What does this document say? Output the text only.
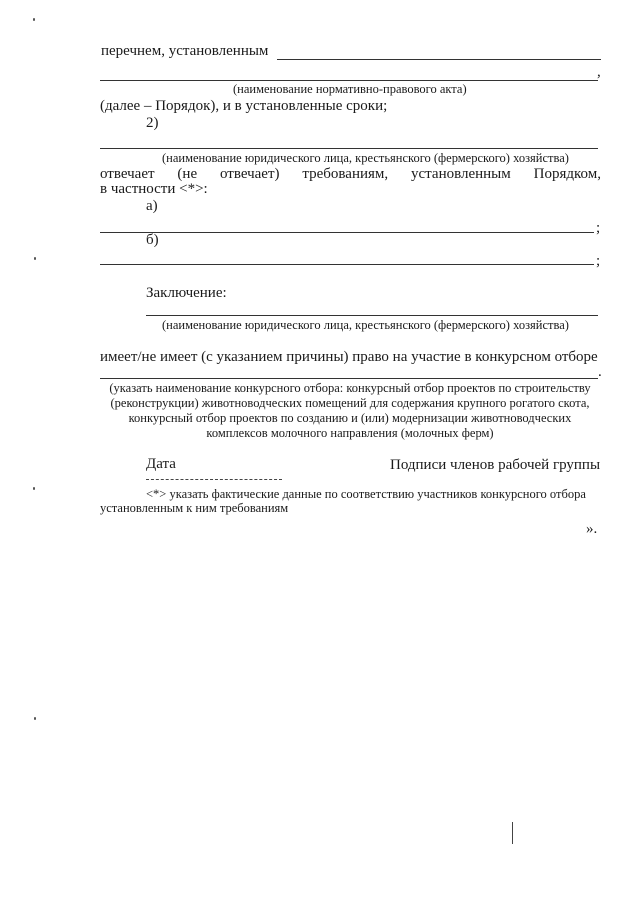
перечнем, установленным
,
(наименование нормативно-правового акта)
(далее – Порядок), и в установленные сроки;
2)
(наименование юридического лица, крестьянского (фермерского) хозяйства)
отвечает (не отвечает) требованиям, установленным Порядком,
в частности <*>:
а)
;
б)
;
Заключение:
(наименование юридического лица, крестьянского (фермерского) хозяйства)
имеет/не имеет (с указанием причины) право на участие в конкурсном отборе
.
(указать наименование конкурсного отбора: конкурсный отбор проектов по строительству
(реконструкции) животноводческих помещений для содержания крупного рогатого скота,
конкурсный отбор проектов по созданию и (или) модернизации животноводческих
комплексов молочного направления (молочных ферм)
Дата	Подписи членов рабочей группы
<*> указать фактические данные по соответствию участников конкурсного отбора
установленным к ним требованиям
».
